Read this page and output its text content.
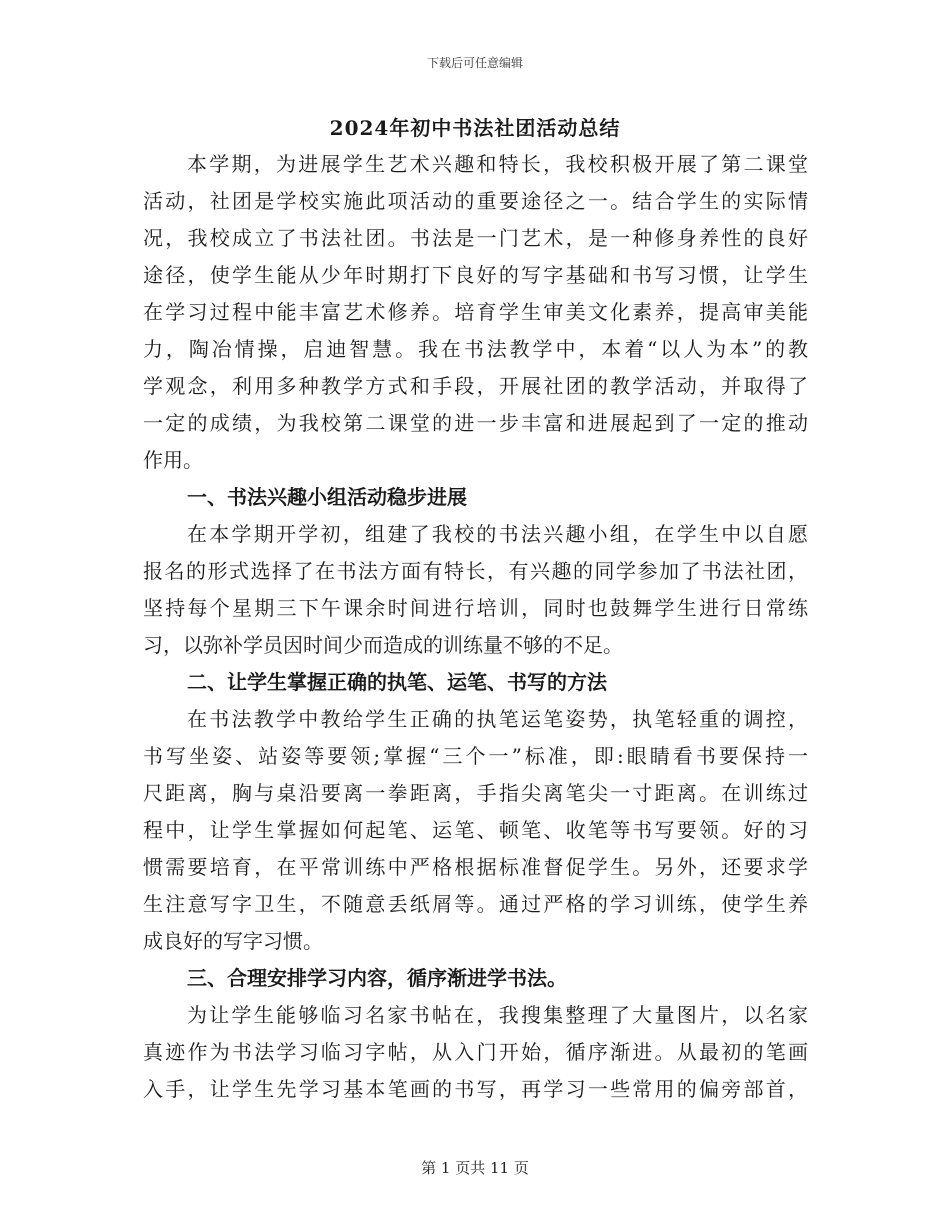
下载后可任意编辑
2024年初中书法社团活动总结
本学期，为进展学生艺术兴趣和特长，我校积极开展了第二课堂
活动，社团是学校实施此项活动的重要途径之一。结合学生的实际情
况，我校成立了书法社团。书法是一门艺术，是一种修身养性的良好
途径，使学生能从少年时期打下良好的写字基础和书写习惯，让学生
在学习过程中能丰富艺术修养。培育学生审美文化素养，提高审美能
力，陶冶情操，启迪智慧。我在书法教学中，本着“以人为本”的教
学观念，利用多种教学方式和手段，开展社团的教学活动，并取得了
一定的成绩，为我校第二课堂的进一步丰富和进展起到了一定的推动
作用。
一、书法兴趣小组活动稳步进展
在本学期开学初，组建了我校的书法兴趣小组，在学生中以自愿
报名的形式选择了在书法方面有特长，有兴趣的同学参加了书法社团，
坚持每个星期三下午课余时间进行培训，同时也鼓舞学生进行日常练
习，以弥补学员因时间少而造成的训练量不够的不足。
二、让学生掌握正确的执笔、运笔、书写的方法
在书法教学中教给学生正确的执笔运笔姿势，执笔轻重的调控，
书写坐姿、站姿等要领;掌握“三个一”标准，即:眼睛看书要保持一
尺距离，胸与桌沿要离一拳距离，手指尖离笔尖一寸距离。在训练过
程中，让学生掌握如何起笔、运笔、顿笔、收笔等书写要领。好的习
惯需要培育，在平常训练中严格根据标准督促学生。另外，还要求学
生注意写字卫生，不随意丢纸屑等。通过严格的学习训练，使学生养
成良好的写字习惯。
三、合理安排学习内容，循序渐进学书法。
为让学生能够临习名家书帖在，我搜集整理了大量图片，以名家
真迹作为书法学习临习字帖，从入门开始，循序渐进。从最初的笔画
入手，让学生先学习基本笔画的书写，再学习一些常用的偏旁部首，
第 1 页共 11 页
